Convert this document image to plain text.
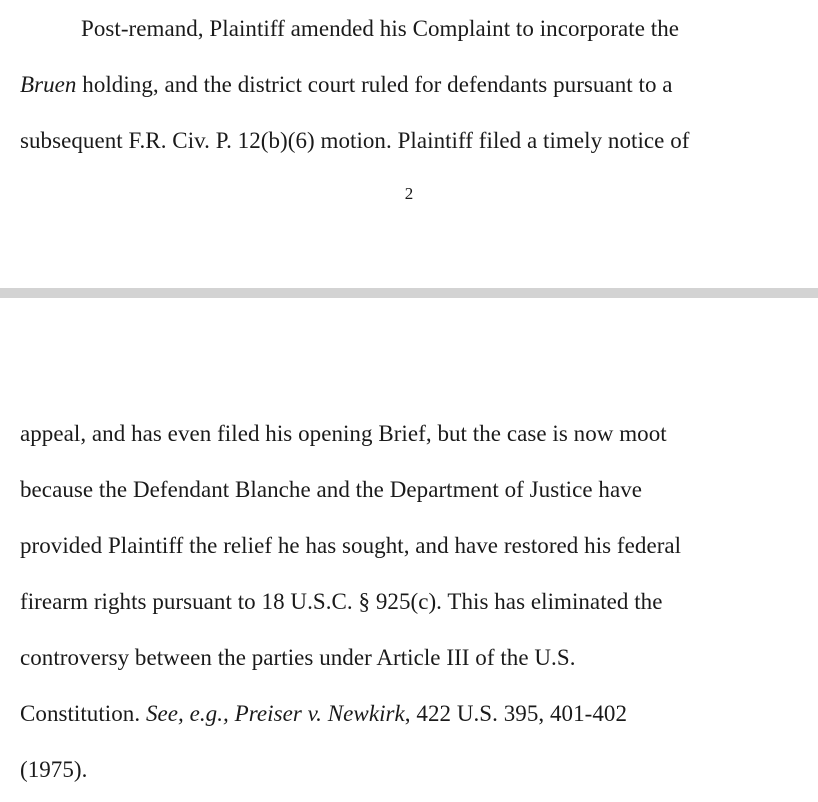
Post-remand, Plaintiff amended his Complaint to incorporate the
Bruen holding, and the district court ruled for defendants pursuant to a
subsequent F.R. Civ. P. 12(b)(6) motion. Plaintiff filed a timely notice of
2
appeal, and has even filed his opening Brief, but the case is now moot
because the Defendant Blanche and the Department of Justice have
provided Plaintiff the relief he has sought, and have restored his federal
firearm rights pursuant to 18 U.S.C. § 925(c). This has eliminated the
controversy between the parties under Article III of the U.S.
Constitution. See, e.g., Preiser v. Newkirk, 422 U.S. 395, 401-402
(1975).
